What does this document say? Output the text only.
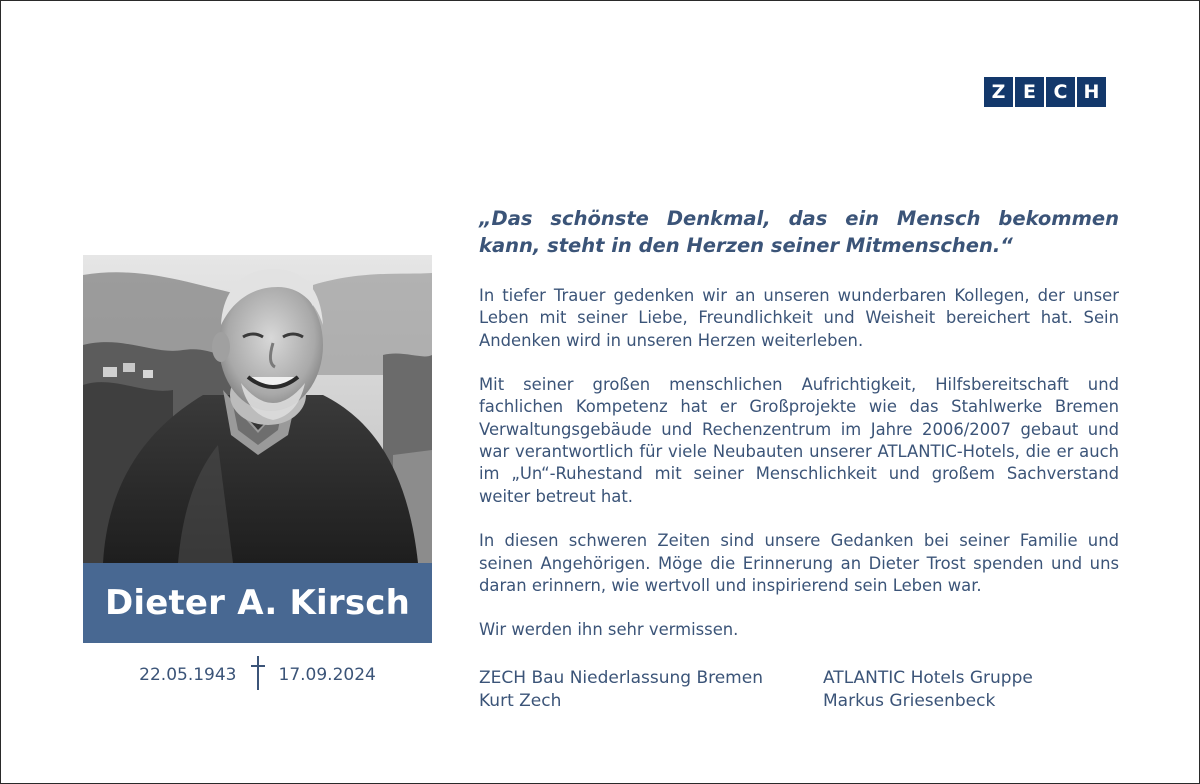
Z E C H
Dieter A. Kirsch
22.05.1943 17.09.2024

„Das schönste Denkmal, das ein Mensch bekommen kann, steht in den Herzen seiner Mitmenschen.“

In tiefer Trauer gedenken wir an unseren wunderbaren Kollegen, der unser Leben mit seiner Liebe, Freundlichkeit und Weisheit bereichert hat. Sein Andenken wird in unseren Herzen weiterleben.

Mit seiner großen menschlichen Aufrichtigkeit, Hilfsbereitschaft und fachlichen Kompetenz hat er Großprojekte wie das Stahlwerke Bremen Verwaltungsgebäude und Rechenzentrum im Jahre 2006/2007 gebaut und war verantwortlich für viele Neubauten unserer ATLANTIC-Hotels, die er auch im „Un“-Ruhestand mit seiner Menschlichkeit und großem Sachverstand weiter betreut hat.

In diesen schweren Zeiten sind unsere Gedanken bei seiner Familie und seinen Angehörigen. Möge die Erinnerung an Dieter Trost spenden und uns daran erinnern, wie wertvoll und inspirierend sein Leben war.

Wir werden ihn sehr vermissen.

ZECH Bau Niederlassung Bremen
Kurt Zech
ATLANTIC Hotels Gruppe
Markus Griesenbeck
